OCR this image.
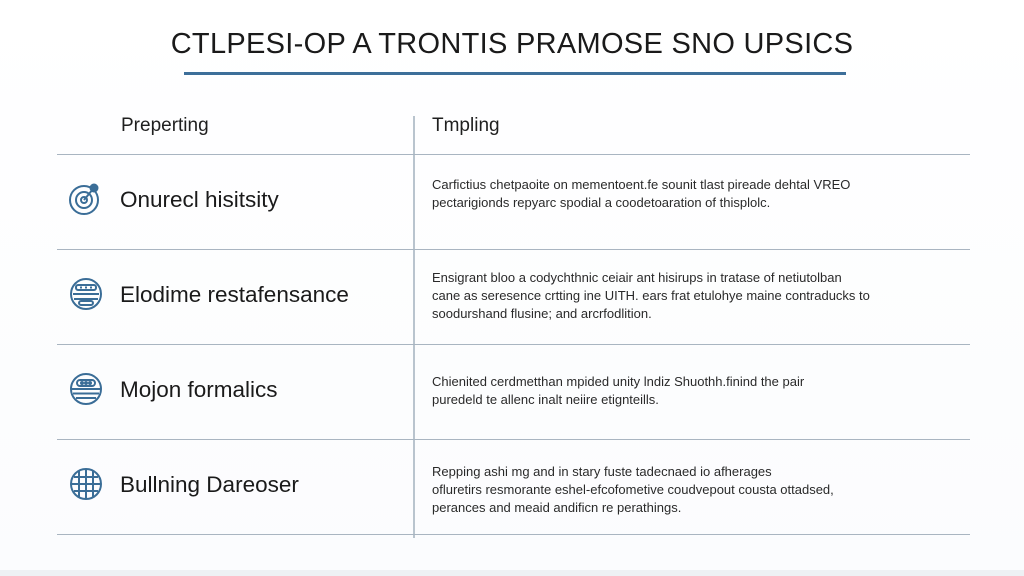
CTLPESI-OP A TRONTIS PRAMOSE SNO UPSICS
Preperting	Tmpling
Onurecl hisitsity

Carfictius chetpaoite on mementoent.fe sounit tlast pireade dehtal VREO

pectarigionds repyarc spodial a coodetoaration of thisplolc.

Elodime restafensance

Ensigrant bloo a codychthnic ceiair ant hisirups in tratase of netiutolban

cane as seresence crtting ine UITH. ears frat etulohye maine contraducks to

soodurshand flusine; and arcrfodlition.

Mojon formalics	Chienited cerdmetthan mpided unity lndiz Shuothh.finind the pair

puredeld te allenc inalt neiire etignteills.

Bullning Dareoser

Repping ashi mg and in stary fuste tadecnaed io afherages

ofluretirs resmorante eshel-efcofometive coudvepout cousta ottadsed,

perances and meaid andificn re perathings.
